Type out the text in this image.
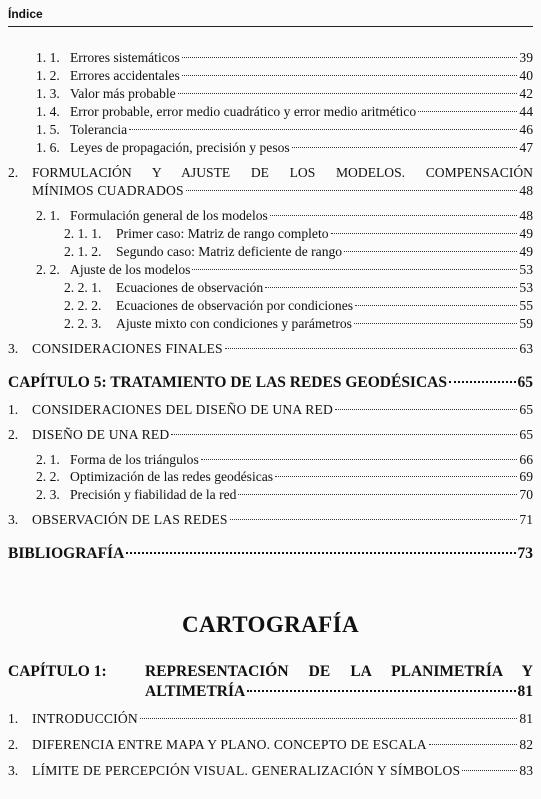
Índice
1. 1. Errores sistemáticos	39
1. 2. Errores accidentales	40
1. 3. Valor más probable	42
1. 4. Error probable, error medio cuadrático y error medio aritmético	44
1. 5. Tolerancia	46
1. 6. Leyes de propagación, precisión y pesos	47
2.	FORMULACIÓN Y AJUSTE DE LOS MODELOS. COMPENSACIÓN
MÍNIMOS CUADRADOS	48
2. 1. Formulación general de los modelos	48
2. 1. 1.	Primer caso: Matriz de rango completo	49
2. 1. 2.	Segundo caso: Matriz deficiente de rango	49
2. 2. Ajuste de los modelos	53
2. 2. 1.	Ecuaciones de observación	53
2. 2. 2.	Ecuaciones de observación por condiciones	55
2. 2. 3.	Ajuste mixto con condiciones y parámetros	59
3.	CONSIDERACIONES FINALES	63
CAPÍTULO 5: TRATAMIENTO DE LAS REDES GEODÉSICAS	65
1.	CONSIDERACIONES DEL DISEÑO DE UNA RED	65
2.	DISEÑO DE UNA RED	65
2. 1. Forma de los triángulos	66
2. 2. Optimización de las redes geodésicas	69
2. 3. Precisión y fiabilidad de la red	70
3.	OBSERVACIÓN DE LAS REDES	71
BIBLIOGRAFÍA	73
CARTOGRAFÍA
CAPÍTULO 1:	REPRESENTACIÓN DE LA PLANIMETRÍA Y
ALTIMETRÍA	81
1.	INTRODUCCIÓN	81
2.	DIFERENCIA ENTRE MAPA Y PLANO. CONCEPTO DE ESCALA	82
3.	LÍMITE DE PERCEPCIÓN VISUAL. GENERALIZACIÓN Y SÍMBOLOS	83
